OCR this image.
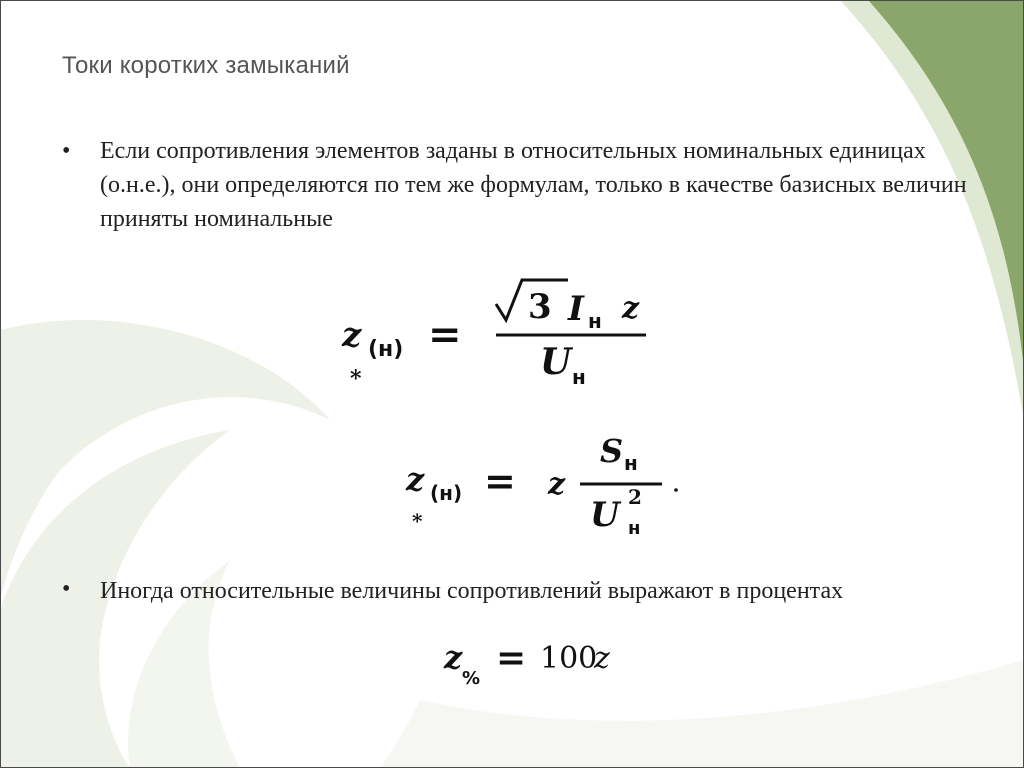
Токи коротких замыканий
• Если сопротивления элементов заданы в относительных номинальных единицах (о.н.е.), они определяются по тем же формулам, только в качестве базисных величин приняты номинальные
z (н)
*
=
3 I н z
U н
z (н)
*
= z
S н
U 2
н
• Иногда относительные величины сопротивлений выражают в процентах
z
% = 100
z
